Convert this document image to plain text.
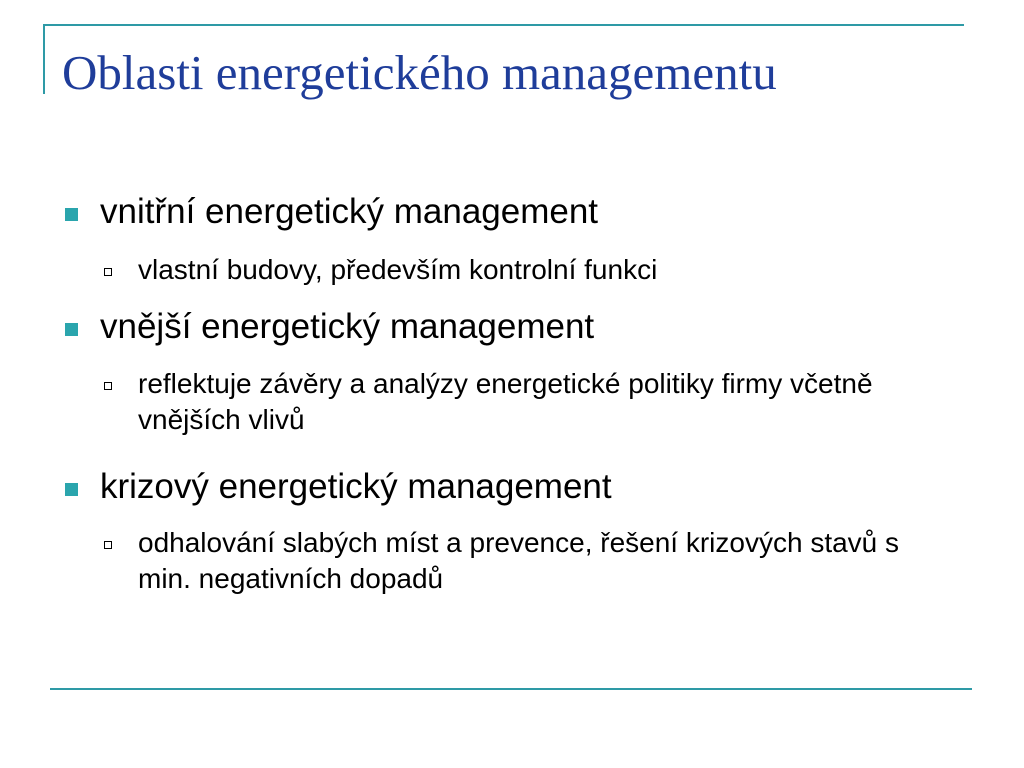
Oblasti energetického managementu
vnitřní energetický management
vlastní budovy, především kontrolní funkci
vnější energetický management
reflektuje závěry a analýzy energetické politiky firmy včetně vnějších vlivů
krizový energetický management
odhalování slabých míst a prevence, řešení krizových stavů s min. negativních dopadů
